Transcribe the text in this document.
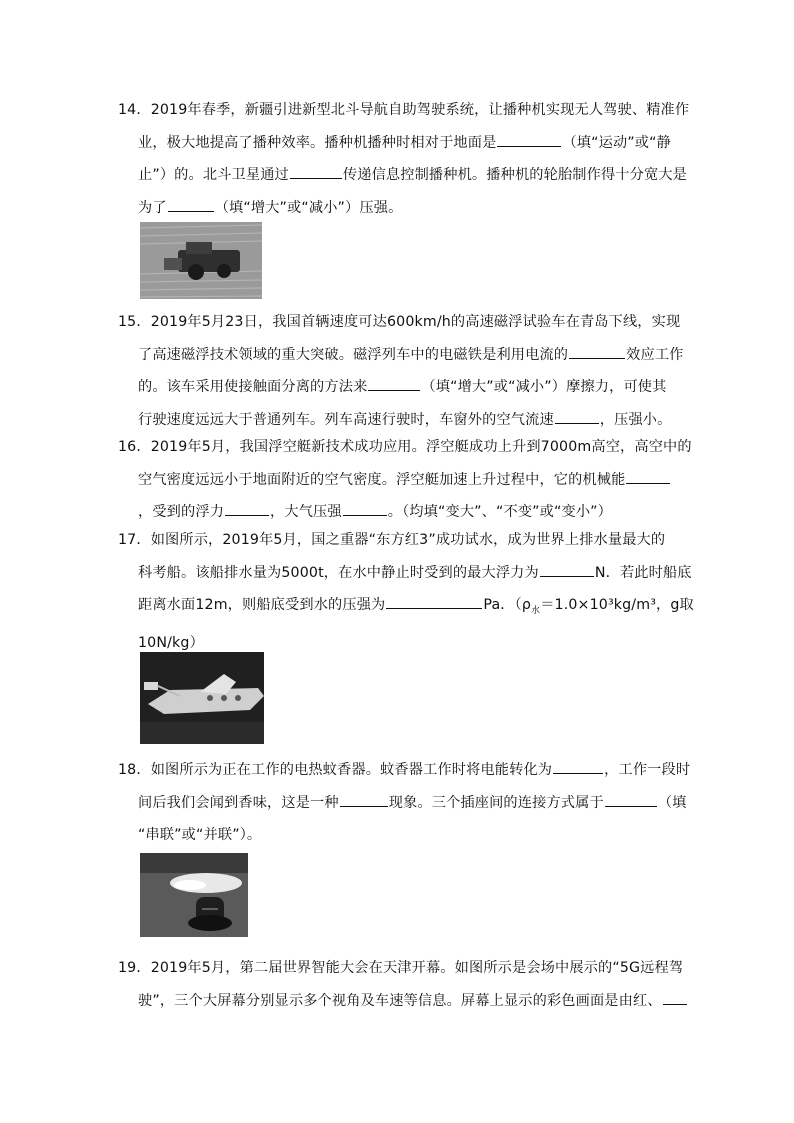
14．2019年春季，新疆引进新型北斗导航自助驾驶系统，让播种机实现无人驾驶、精准作
业，极大地提高了播种效率。播种机播种时相对于地面是	（填“运动”或“静
止”）的。北斗卫星通过	传递信息控制播种机。播种机的轮胎制作得十分宽大是
为了	（填“增大”或“减小”）压强。
15．2019年5月23日，我国首辆速度可达600km/h的高速磁浮试验车在青岛下线，实现
了高速磁浮技术领域的重大突破。磁浮列车中的电磁铁是利用电流的	效应工作
的。该车采用使接触面分离的方法来	（填“增大”或“减小”）摩擦力，可使其
行驶速度远远大于普通列车。列车高速行驶时，车窗外的空气流速	，压强小。
16．2019年5月，我国浮空艇新技术成功应用。浮空艇成功上升到7000m高空，高空中的
空气密度远远小于地面附近的空气密度。浮空艇加速上升过程中，它的机械能
，受到的浮力	，大气压强	。（均填“变大”、“不变”或“变小”）
17．如图所示，2019年5月，国之重器“东方红3”成功试水，成为世界上排水量最大的
科考船。该船排水量为5000t，在水中静止时受到的最大浮力为	N．若此时船底
距离水面12m，则船底受到水的压强为	Pa．（$\rho_水=1.0\times 10^3kg/m^3$，g取
10N/kg）
18．如图所示为正在工作的电热蚊香器。蚊香器工作时将电能转化为	，工作一段时
间后我们会闻到香味，这是一种	现象。三个插座间的连接方式属于	（填
“串联”或“并联”）。
19．2019年5月，第二届世界智能大会在天津开幕。如图所示是会场中展示的“5G远程驾
驶”，三个大屏幕分别显示多个视角及车速等信息。屏幕上显示的彩色画面是由红、
